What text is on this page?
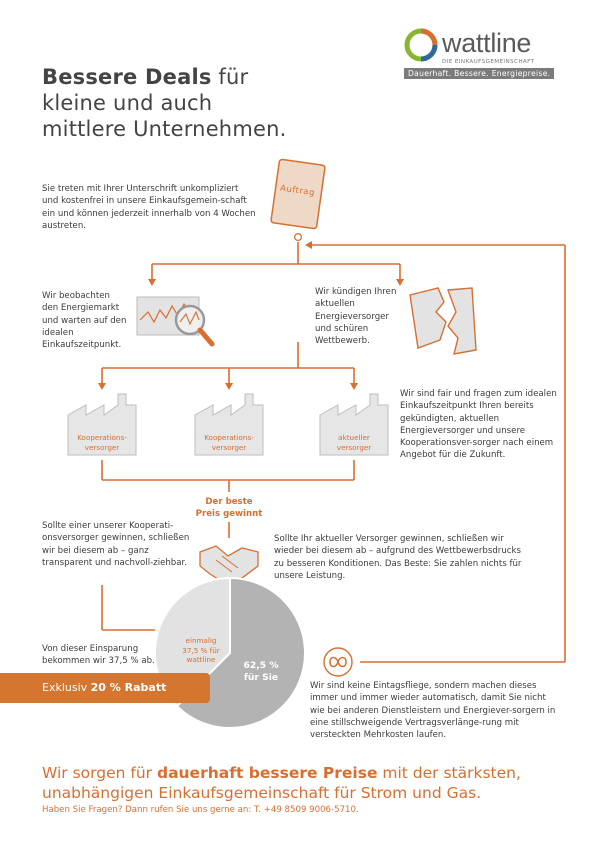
wattline
DIE EINKAUFSGEMEINSCHAFT
Dauerhaft. Bessere. Energiepreise.
Bessere Deals für
kleine und auch
mittlere Unternehmen.
Auftrag
Sie treten mit Ihrer Unterschrift unkompliziert und kostenfrei in unsere Einkaufsgemein-schaft ein und können jederzeit innerhalb von 4 Wochen austreten.
Wir beobachten den Energiemarkt und warten auf den idealen Einkaufszeitpunkt.
Wir kündigen Ihren aktuellen Energieversorger und schüren Wettbewerb.
Kooperations-
versorger
Kooperations-
versorger
aktueller
versorger
Wir sind fair und fragen zum idealen Einkaufszeitpunkt Ihren bereits gekündigten, aktuellen Energieversorger und unsere Kooperationsver-sorger nach einem Angebot für die Zukunft.
Der beste
Preis gewinnt
Sollte einer unserer Kooperati-onsversorger gewinnen, schließen wir bei diesem ab – ganz transparent und nachvoll-ziehbar.
Sollte Ihr aktueller Versorger gewinnen, schließen wir wieder bei diesem ab – aufgrund des Wettbewerbsdrucks zu besseren Konditionen. Das Beste: Sie zahlen nichts für unsere Leistung.
Von dieser Einsparung bekommen wir 37,5 % ab.
einmalig
37,5 % für
wattline
62,5 %
für Sie
Exklusiv 20 % Rabatt	Wir sind keine Eintagsfliege, sondern machen dieses immer und immer wieder automatisch, damit Sie nicht wie bei anderen Dienstleistern und Energiever-sorgern in eine stillschweigende Vertragsverlänge-rung mit versteckten Mehrkosten laufen.
Wir sorgen für dauerhaft bessere Preise mit der stärksten,
unabhängigen Einkaufsgemeinschaft für Strom und Gas.
Haben Sie Fragen? Dann rufen Sie uns gerne an: T. +49 8509 9006-5710.
